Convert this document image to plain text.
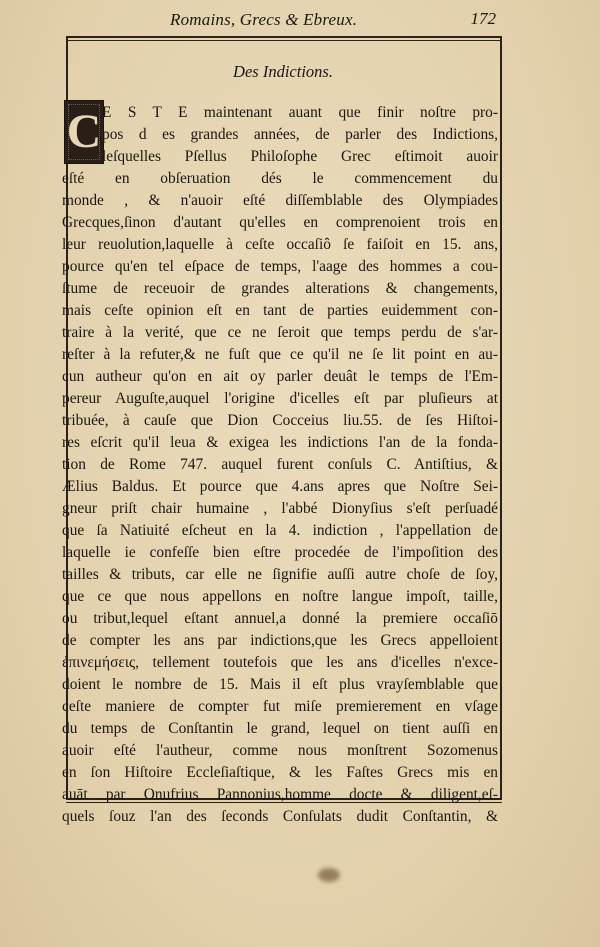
Romains, Grecs & Ebreux.	172
Des Indictions.
C E S T E maintenant auant que finir noſtre pro-
pos d es grandes années, de parler des Indictions,
leſquelles Pſellus Philoſophe Grec eſtimoit auoir
eſté en obſeruation dés le commencement du
monde , & n'auoir eſté diſſemblable des Olympiades
Grecques,ſinon d'autant qu'elles en comprenoient trois en
leur reuolution,laquelle à ceſte occaſiô ſe faiſoit en 15. ans,
pource qu'en tel eſpace de temps, l'aage des hommes a cou-
ſtume de receuoir de grandes alterations & changements,
mais ceſte opinion eſt en tant de parties euidemment con-
traire à la verité, que ce ne ſeroit que temps perdu de s'ar-
reſter à la refuter,& ne fuſt que ce qu'il ne ſe lit point en au-
cun autheur qu'on en ait oy parler deuât le temps de l'Em-
pereur Auguſte,auquel l'origine d'icelles eſt par pluſieurs at
tribuée, à cauſe que Dion Cocceius liu.55. de ſes Hiſtoi-
res eſcrit qu'il leua & exigea les indictions l'an de la fonda-
tion de Rome 747. auquel furent conſuls C. Antiſtius, &
Ælius Baldus. Et pource que 4.ans apres que Noſtre Sei-
gneur priſt chair humaine , l'abbé Dionyſius s'eſt perſuadé
que ſa Natiuité eſcheut en la 4. indiction , l'appellation de
laquelle ie confeſſe bien eſtre procedée de l'impoſition des
tailles & tributs, car elle ne ſignifie auſſi autre choſe de ſoy,
que ce que nous appellons en noſtre langue impoſt, taille,
ou tribut,lequel eſtant annuel,a donné la premiere occaſiō
de compter les ans par indictions,que les Grecs appelloient
ἐπινεμήσεις, tellement toutefois que les ans d'icelles n'exce-
doient le nombre de 15. Mais il eſt plus vrayſemblable que
ceſte maniere de compter fut miſe premierement en vſage
du temps de Conſtantin le grand, lequel on tient auſſi en
auoir eſté l'autheur, comme nous monſtrent Sozomenus
en ſon Hiſtoire Eccleſiaſtique, & les Faſtes Grecs mis en
auāt par Onufrius Pannonius,homme docte & diligent,eſ-
quels ſouz l'an des ſeconds Conſulats dudit Conſtantin, &
